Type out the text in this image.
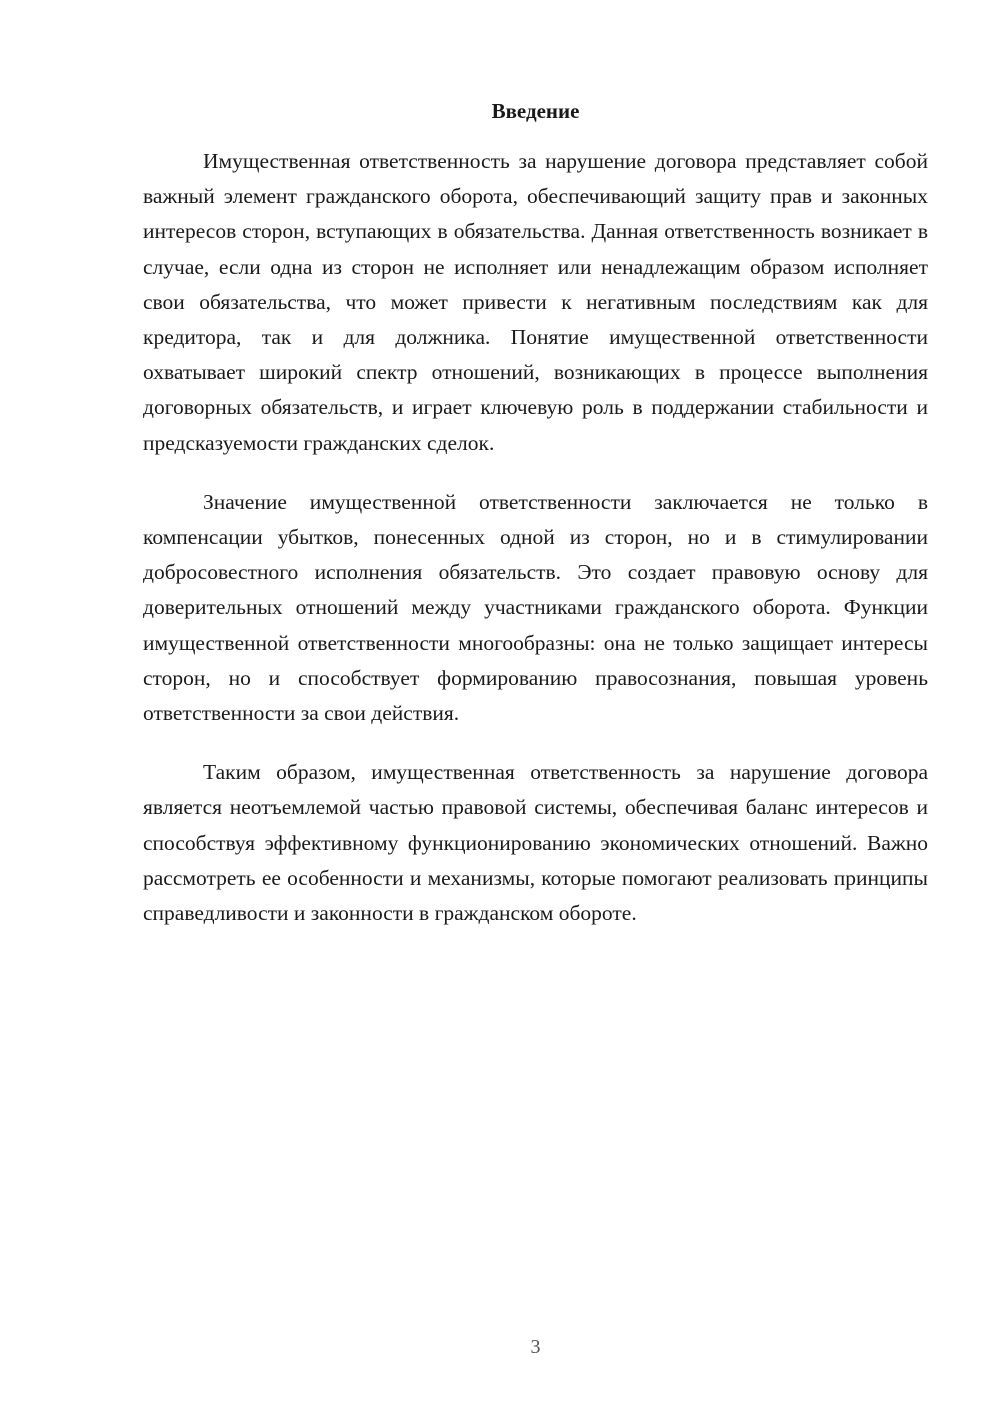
Введение

Имущественная ответственность за нарушение договора представляет собой важный элемент гражданского оборота, обеспечивающий защиту прав и законных интересов сторон, вступающих в обязательства. Данная ответственность возникает в случае, если одна из сторон не исполняет или ненадлежащим образом исполняет свои обязательства, что может привести к негативным последствиям как для кредитора, так и для должника. Понятие имущественной ответственности охватывает широкий спектр отношений, возникающих в процессе выполнения договорных обязательств, и играет ключевую роль в поддержании стабильности и предсказуемости гражданских сделок.

Значение имущественной ответственности заключается не только в компенсации убытков, понесенных одной из сторон, но и в стимулировании добросовестного исполнения обязательств. Это создает правовую основу для доверительных отношений между участниками гражданского оборота. Функции имущественной ответственности многообразны: она не только защищает интересы сторон, но и способствует формированию правосознания, повышая уровень ответственности за свои действия.

Таким образом, имущественная ответственность за нарушение договора является неотъемлемой частью правовой системы, обеспечивая баланс интересов и способствуя эффективному функционированию экономических отношений. Важно рассмотреть ее особенности и механизмы, которые помогают реализовать принципы справедливости и законности в гражданском обороте.

3
